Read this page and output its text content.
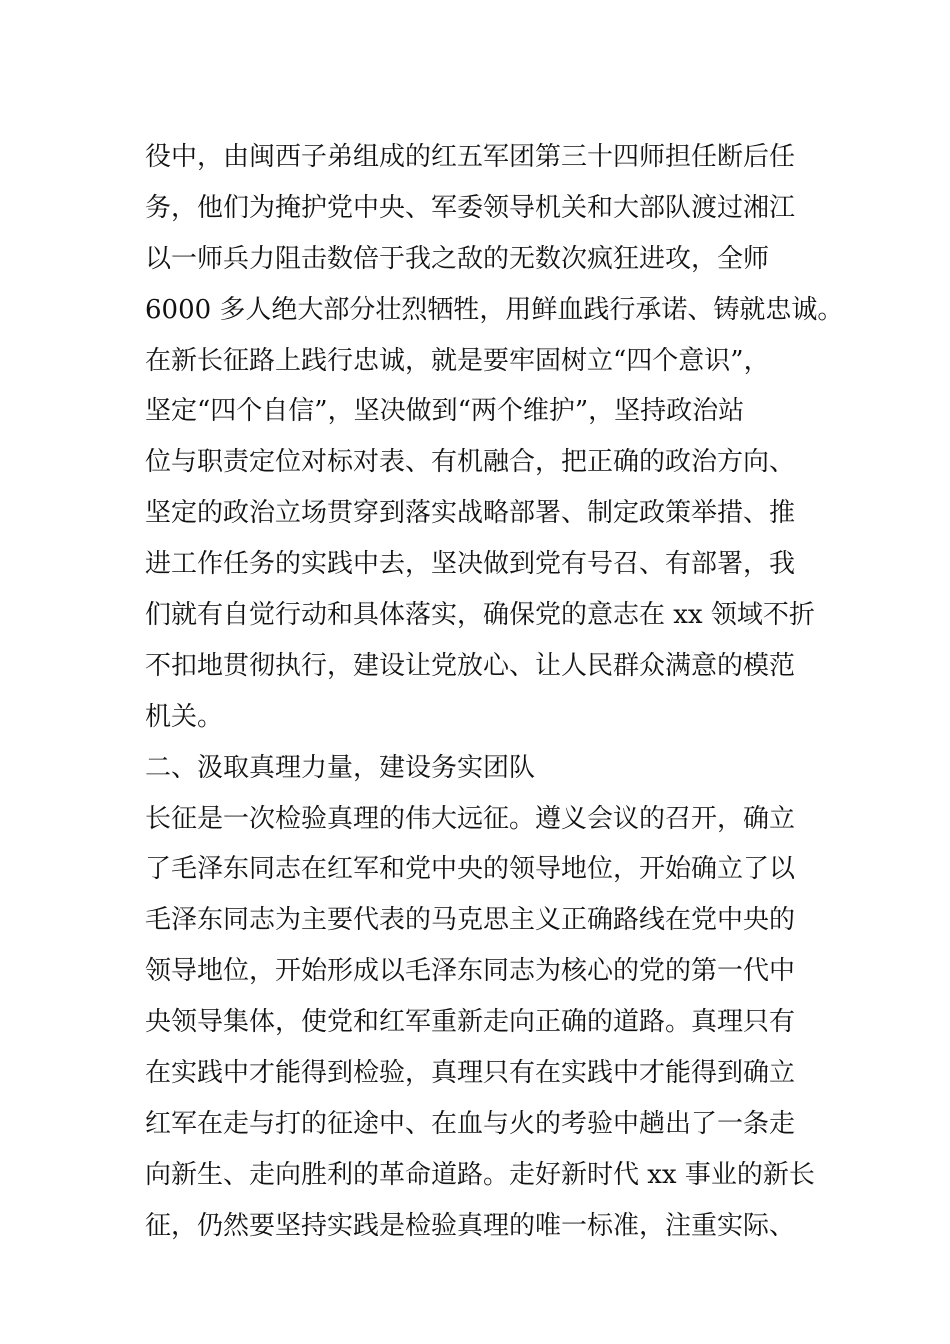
役中，由闽西子弟组成的红五军团第三十四师担任断后任
务，他们为掩护党中央、军委领导机关和大部队渡过湘江
以一师兵力阻击数倍于我之敌的无数次疯狂进攻，全师
6000 多人绝大部分壮烈牺牲，用鲜血践行承诺、铸就忠诚。
在新长征路上践行忠诚，就是要牢固树立“四个意识”，
坚定“四个自信”，坚决做到“两个维护”，坚持政治站
位与职责定位对标对表、有机融合，把正确的政治方向、
坚定的政治立场贯穿到落实战略部署、制定政策举措、推
进工作任务的实践中去，坚决做到党有号召、有部署，我
们就有自觉行动和具体落实，确保党的意志在 xx 领域不折
不扣地贯彻执行，建设让党放心、让人民群众满意的模范
机关。
二、汲取真理力量，建设务实团队
长征是一次检验真理的伟大远征。遵义会议的召开，确立
了毛泽东同志在红军和党中央的领导地位，开始确立了以
毛泽东同志为主要代表的马克思主义正确路线在党中央的
领导地位，开始形成以毛泽东同志为核心的党的第一代中
央领导集体，使党和红军重新走向正确的道路。真理只有
在实践中才能得到检验，真理只有在实践中才能得到确立
红军在走与打的征途中、在血与火的考验中趟出了一条走
向新生、走向胜利的革命道路。走好新时代 xx 事业的新长
征，仍然要坚持实践是检验真理的唯一标准，注重实际、
